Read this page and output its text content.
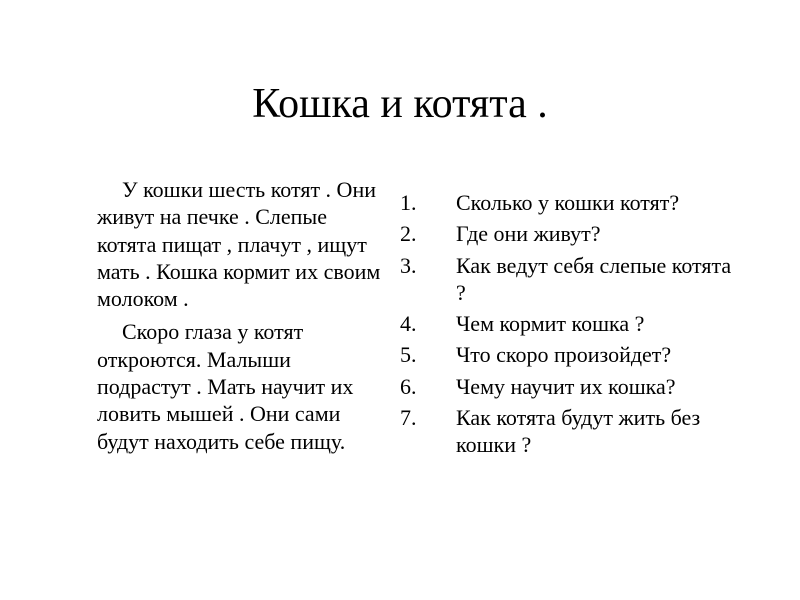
Кошка и котята .

У кошки шесть котят . Они живут на печке . Слепые котята пищат , плачут , ищут мать . Кошка кормит их своим молоком .

Скоро глаза у котят откроются. Малыши подрастут . Мать научит их ловить мышей . Они сами будут находить себе пищу.

1.	Сколько у кошки котят?
2.	Где они живут?
3.	Как ведут себя слепые котята ?
4.	Чем кормит кошка ?
5.	Что скоро произойдет?
6.	Чему научит их кошка?
7.	Как котята будут жить без кошки ?
